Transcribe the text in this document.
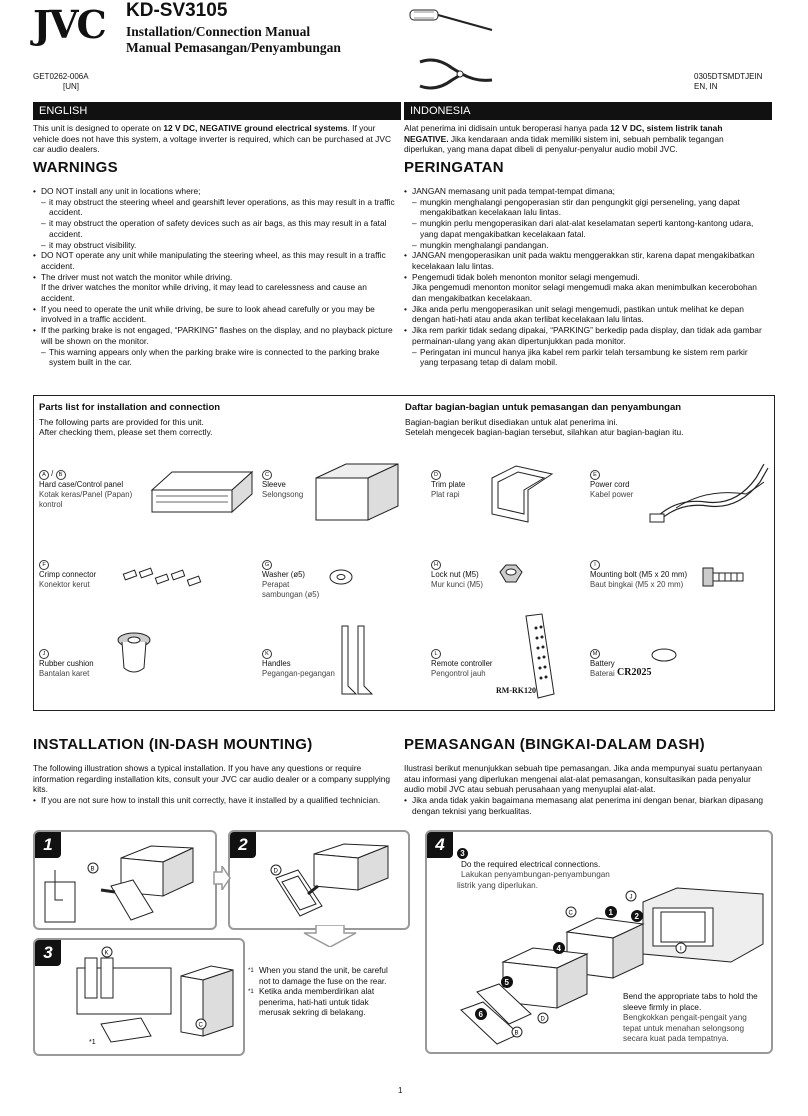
JVC KD-SV3105
Installation/Connection Manual
Manual Pemasangan/Penyambungan
GET0262-006A
[UN]
0305DTSMDTJEIN
EN, IN
ENGLISH	INDONESIA
This unit is designed to operate on 12 V DC, NEGATIVE ground electrical systems. If your vehicle does not have this system, a voltage inverter is required, which can be purchased at JVC car audio dealers.
WARNINGS
• DO NOT install any unit in locations where;
– it may obstruct the steering wheel and gearshift lever operations, as this may result in a traffic accident.
– it may obstruct the operation of safety devices such as air bags, as this may result in a fatal accident.
– it may obstruct visibility.
• DO NOT operate any unit while manipulating the steering wheel, as this may result in a traffic accident.
• The driver must not watch the monitor while driving.
If the driver watches the monitor while driving, it may lead to carelessness and cause an accident.
• If you need to operate the unit while driving, be sure to look ahead carefully or you may be involved in a traffic accident.
• If the parking brake is not engaged, “PARKING” flashes on the display, and no playback picture will be shown on the monitor.
– This warning appears only when the parking brake wire is connected to the parking brake system built in the car.
Alat penerima ini didisain untuk beroperasi hanya pada 12 V DC, sistem listrik tanah NEGATIVE. Jika kendaraan anda tidak memiliki sistem ini, sebuah pembalik tegangan diperlukan, yang mana dapat dibeli di penyalur-penyalur audio mobil JVC.
PERINGATAN
• JANGAN memasang unit pada tempat-tempat dimana;
– mungkin menghalangi pengoperasian stir dan pengungkit gigi perseneling, yang dapat mengakibatkan kecelakaan lalu lintas.
– mungkin perlu mengoperasikan dari alat-alat keselamatan seperti kantong-kantong udara, yang dapat mengakibatkan kecelakaan fatal.
– mungkin menghalangi pandangan.
• JANGAN mengoperasikan unit pada waktu menggerakkan stir, karena dapat mengakibatkan kecelakaan lalu lintas.
• Pengemudi tidak boleh menonton monitor selagi mengemudi.
Jika pengemudi menonton monitor selagi mengemudi maka akan menimbulkan kecerobohan dan mengakibatkan kecelakaan.
• Jika anda perlu mengoperasikan unit selagi mengemudi, pastikan untuk melihat ke depan dengan hati-hati atau anda akan terlibat kecelakaan lalu lintas.
• Jika rem parkir tidak sedang dipakai, “PARKING” berkedip pada display, dan tidak ada gambar permainan-ulang yang akan dipertunjukkan pada monitor.
– Peringatan ini muncul hanya jika kabel rem parkir telah tersambung ke sistem rem parkir yang terpasang tetap di dalam mobil.
Parts list for installation and connection
The following parts are provided for this unit.
After checking them, please set them correctly.
Daftar bagian-bagian untuk pemasangan dan penyambungan
Bagian-bagian berikut disediakan untuk alat penerima ini.
Setelah mengecek bagian-bagian tersebut, silahkan atur bagian-bagian itu.
A / B
Hard case/Control panel
Kotak keras/Panel (Papan) kontrol
C
Sleeve
Selongsong
D
Trim plate
Plat rapi
E
Power cord
Kabel power
F
Crimp connector
Konektor kerut
G
Washer (ø5)
Perapat sambungan (ø5)
H
Lock nut (M5)
Mur kunci (M5)
I
Mounting bolt (M5 x 20 mm)
Baut bingkai (M5 x 20 mm)
J
Rubber cushion
Bantalan karet
K
Handles
Pegangan-pegangan
L
Remote controller
Pengontrol jauh
RM-RK120
M
Battery
Baterai CR2025
INSTALLATION (IN-DASH MOUNTING)
The following illustration shows a typical installation. If you have any questions or require information regarding installation kits, consult your JVC car audio dealer or a company supplying kits.
• If you are not sure how to install this unit correctly, have it installed by a qualified technician.
PEMASANGAN (BINGKAI-DALAM DASH)
Ilustrasi berikut menunjukkan sebuah tipe pemasangan. Jika anda mempunyai suatu pertanyaan atau informasi yang diperlukan mengenai alat-alat pemasangan, konsultasikan pada penyalur audio mobil JVC atau sebuah perusahaan yang menyuplai alat-alat.
• Jika anda tidak yakin bagaimana memasang alat penerima ini dengan benar, biarkan dipasang dengan teknisi yang berkualitas.
1
B
2
D
3	K
*1
C
*1 When you stand the unit, be careful not to damage the fuse on the rear.
*1 Ketika anda memberdirikan alat penerima, hati-hati untuk tidak merusak sekring di belakang.
4	3
Do the required electrical connections.
Lakukan penyambungan-penyambungan listrik yang diperlukan.
1	2
4
5
6
C
J
I
D
B
Bend the appropriate tabs to hold the sleeve firmly in place.
Bengkokkan pengait-pengait yang tepat untuk menahan selongsong secara kuat pada tempatnya.
1
